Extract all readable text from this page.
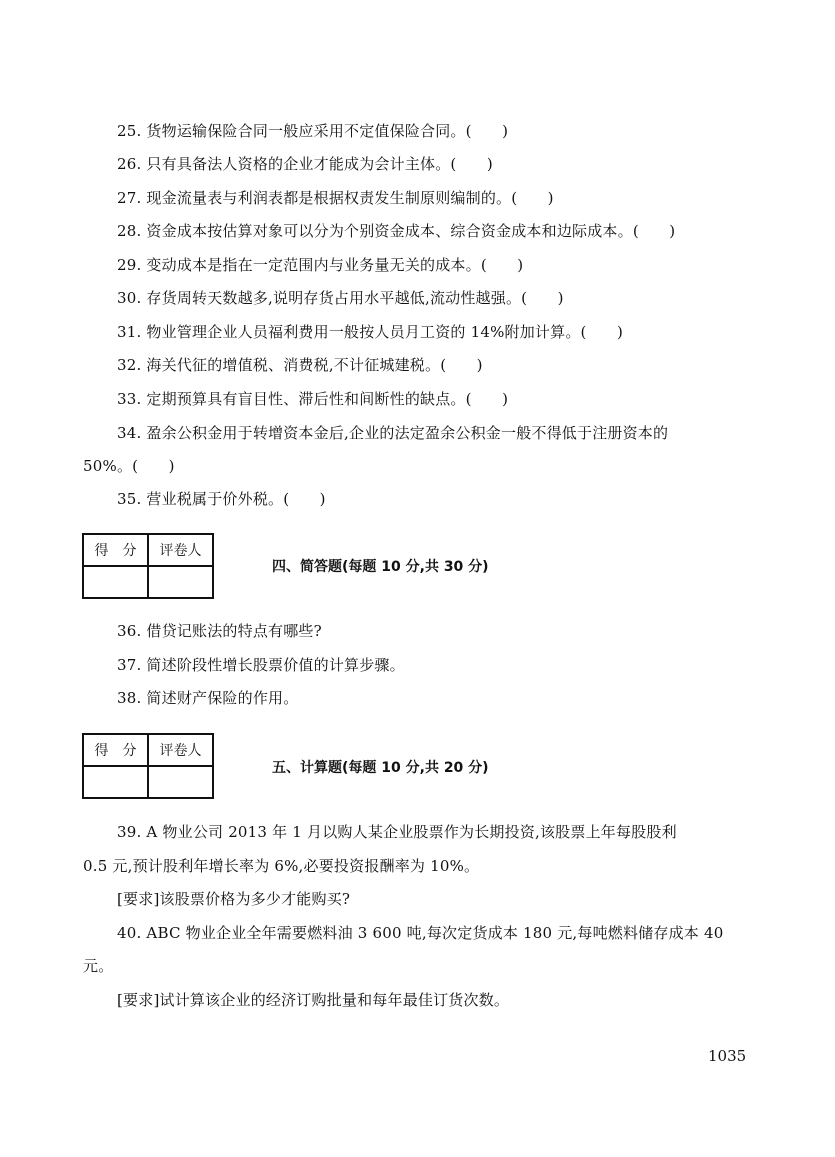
25. 货物运输保险合同一般应采用不定值保险合同。(　　)
26. 只有具备法人资格的企业才能成为会计主体。(　　)
27. 现金流量表与利润表都是根据权责发生制原则编制的。(　　)
28. 资金成本按估算对象可以分为个别资金成本、综合资金成本和边际成本。(　　)
29. 变动成本是指在一定范围内与业务量无关的成本。(　　)
30. 存货周转天数越多,说明存货占用水平越低,流动性越强。(　　)
31. 物业管理企业人员福利费用一般按人员月工资的 14%附加计算。(　　)
32. 海关代征的增值税、消费税,不计征城建税。(　　)
33. 定期预算具有盲目性、滞后性和间断性的缺点。(　　)
34. 盈余公积金用于转增资本金后,企业的法定盈余公积金一般不得低于注册资本的
50%。(　　)
35. 营业税属于价外税。(　　)
得　分	评卷人

四、简答题(每题 10 分,共 30 分)
36. 借贷记账法的特点有哪些?
37. 简述阶段性增长股票价值的计算步骤。
38. 简述财产保险的作用。
得　分	评卷人

五、计算题(每题 10 分,共 20 分)
39. A 物业公司 2013 年 1 月以购人某企业股票作为长期投资,该股票上年每股股利
0.5 元,预计股利年增长率为 6%,必要投资报酬率为 10%。
[要求]该股票价格为多少才能购买?
40. ABC 物业企业全年需要燃料油 3 600 吨,每次定货成本 180 元,每吨燃料储存成本 40
元。
[要求]试计算该企业的经济订购批量和每年最佳订货次数。
1035
